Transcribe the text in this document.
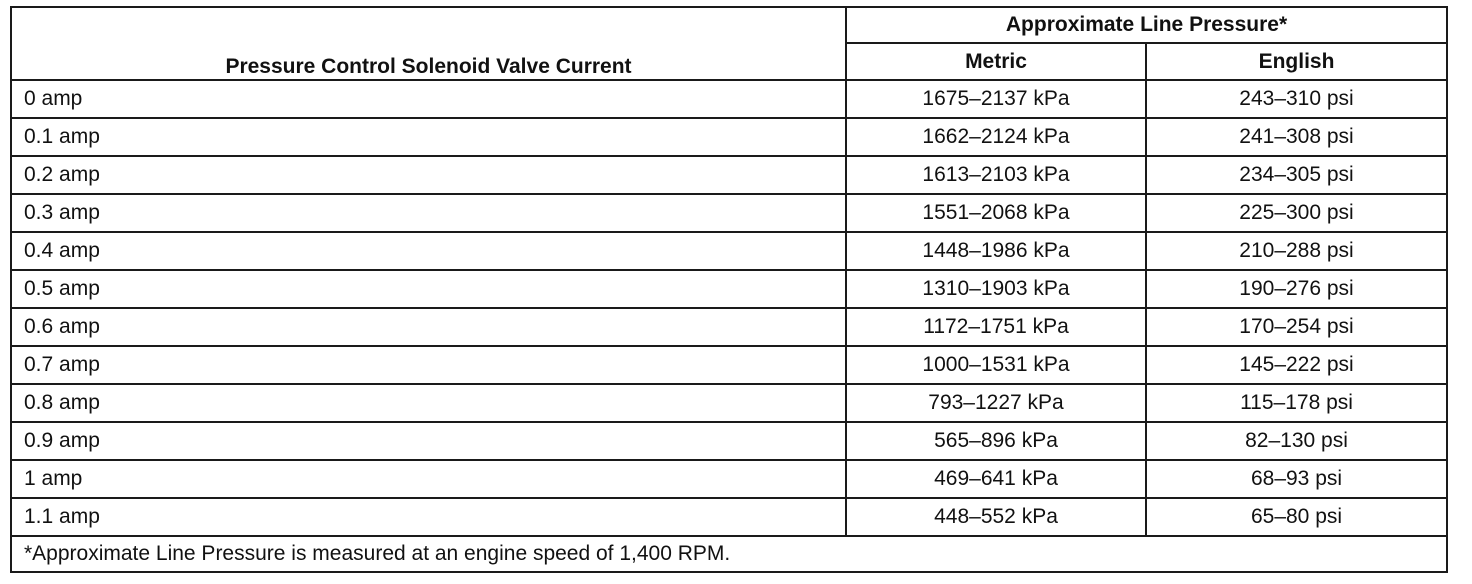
Pressure Control Solenoid Valve Current	Approximate Line Pressure*	
	Metric	English
0 amp	1675–2137 kPa	243–310 psi
0.1 amp	1662–2124 kPa	241–308 psi
0.2 amp	1613–2103 kPa	234–305 psi
0.3 amp	1551–2068 kPa	225–300 psi
0.4 amp	1448–1986 kPa	210–288 psi
0.5 amp	1310–1903 kPa	190–276 psi
0.6 amp	1172–1751 kPa	170–254 psi
0.7 amp	1000–1531 kPa	145–222 psi
0.8 amp	793–1227 kPa	115–178 psi
0.9 amp	565–896 kPa	82–130 psi
1 amp	469–641 kPa	68–93 psi
1.1 amp	448–552 kPa	65–80 psi
*Approximate Line Pressure is measured at an engine speed of 1,400 RPM.		
